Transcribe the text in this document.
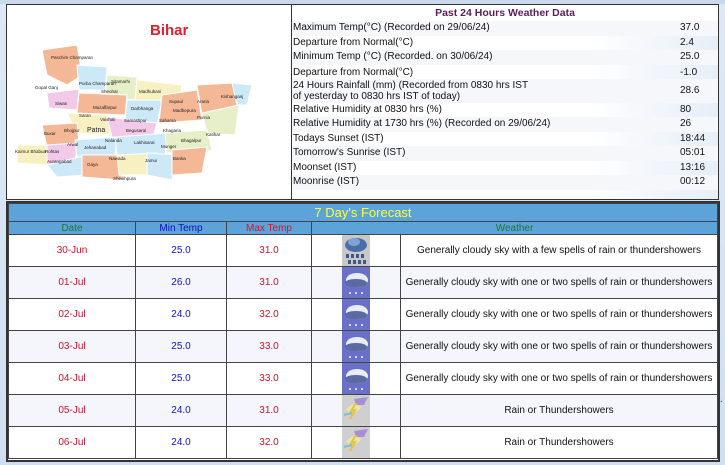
Bihar
Paschim Champaran
Purba Champaran
Sitamarhi
Sheohar
Gopal Ganj
Siwan
Madhubani
Supaul	Araria
Kishanganj
Muzaffarpur	Darbhanga	Madhepura
Saran
Vaishali Samastipur	Saharsa
Purnia
Buxar
Bhojpur Patna	Begusarai	Khagaria
Katihar
Nalanda	Lakhisarai	Bhagalpur
Kaimur Bhabua
Rohtas
Arwal
Jehanabad	Munger
Aurangabad
Gaya
Nawada	Jamui	Banka
Sheikhpura
Past 24 Hours Weather Data
Maximum Temp(°C) (Recorded on 29/06/24)	37.0
Departure from Normal(°C)	2.4
Minimum Temp (°C) (Recorded. on 30/06/24)	25.0
Departure from Normal(°C)	-1.0
24 Hours Rainfall (mm) (Recorded from 0830 hrs IST
of yesterday to 0830 hrs IST of today)	28.6
Relative Humidity at 0830 hrs (%)	80
Relative Humidity at 1730 hrs (%) (Recorded on 29/06/24)	26
Todays Sunset (IST)	18:44
Tomorrow's Sunrise (IST)	05:01
Moonset (IST)	13:16
Moonrise (IST)	00:12
7 Day's Forecast				
Date	Min Temp	Max Temp	Weather	
30-Jun	25.0	31.0		Generally cloudy sky with a few spells of rain or thundershowers
01-Jul	26.0	31.0		Generally cloudy sky with one or two spells of rain or thundershowers
02-Jul	24.0	32.0		Generally cloudy sky with one or two spells of rain or thundershowers
03-Jul	25.0	33.0		Generally cloudy sky with one or two spells of rain or thundershowers
04-Jul	25.0	33.0		Generally cloudy sky with one or two spells of rain or thundershowers
05-Jul	24.0	31.0		Rain or Thundershowers
06-Jul	24.0	32.0		Rain or Thundershowers
·
